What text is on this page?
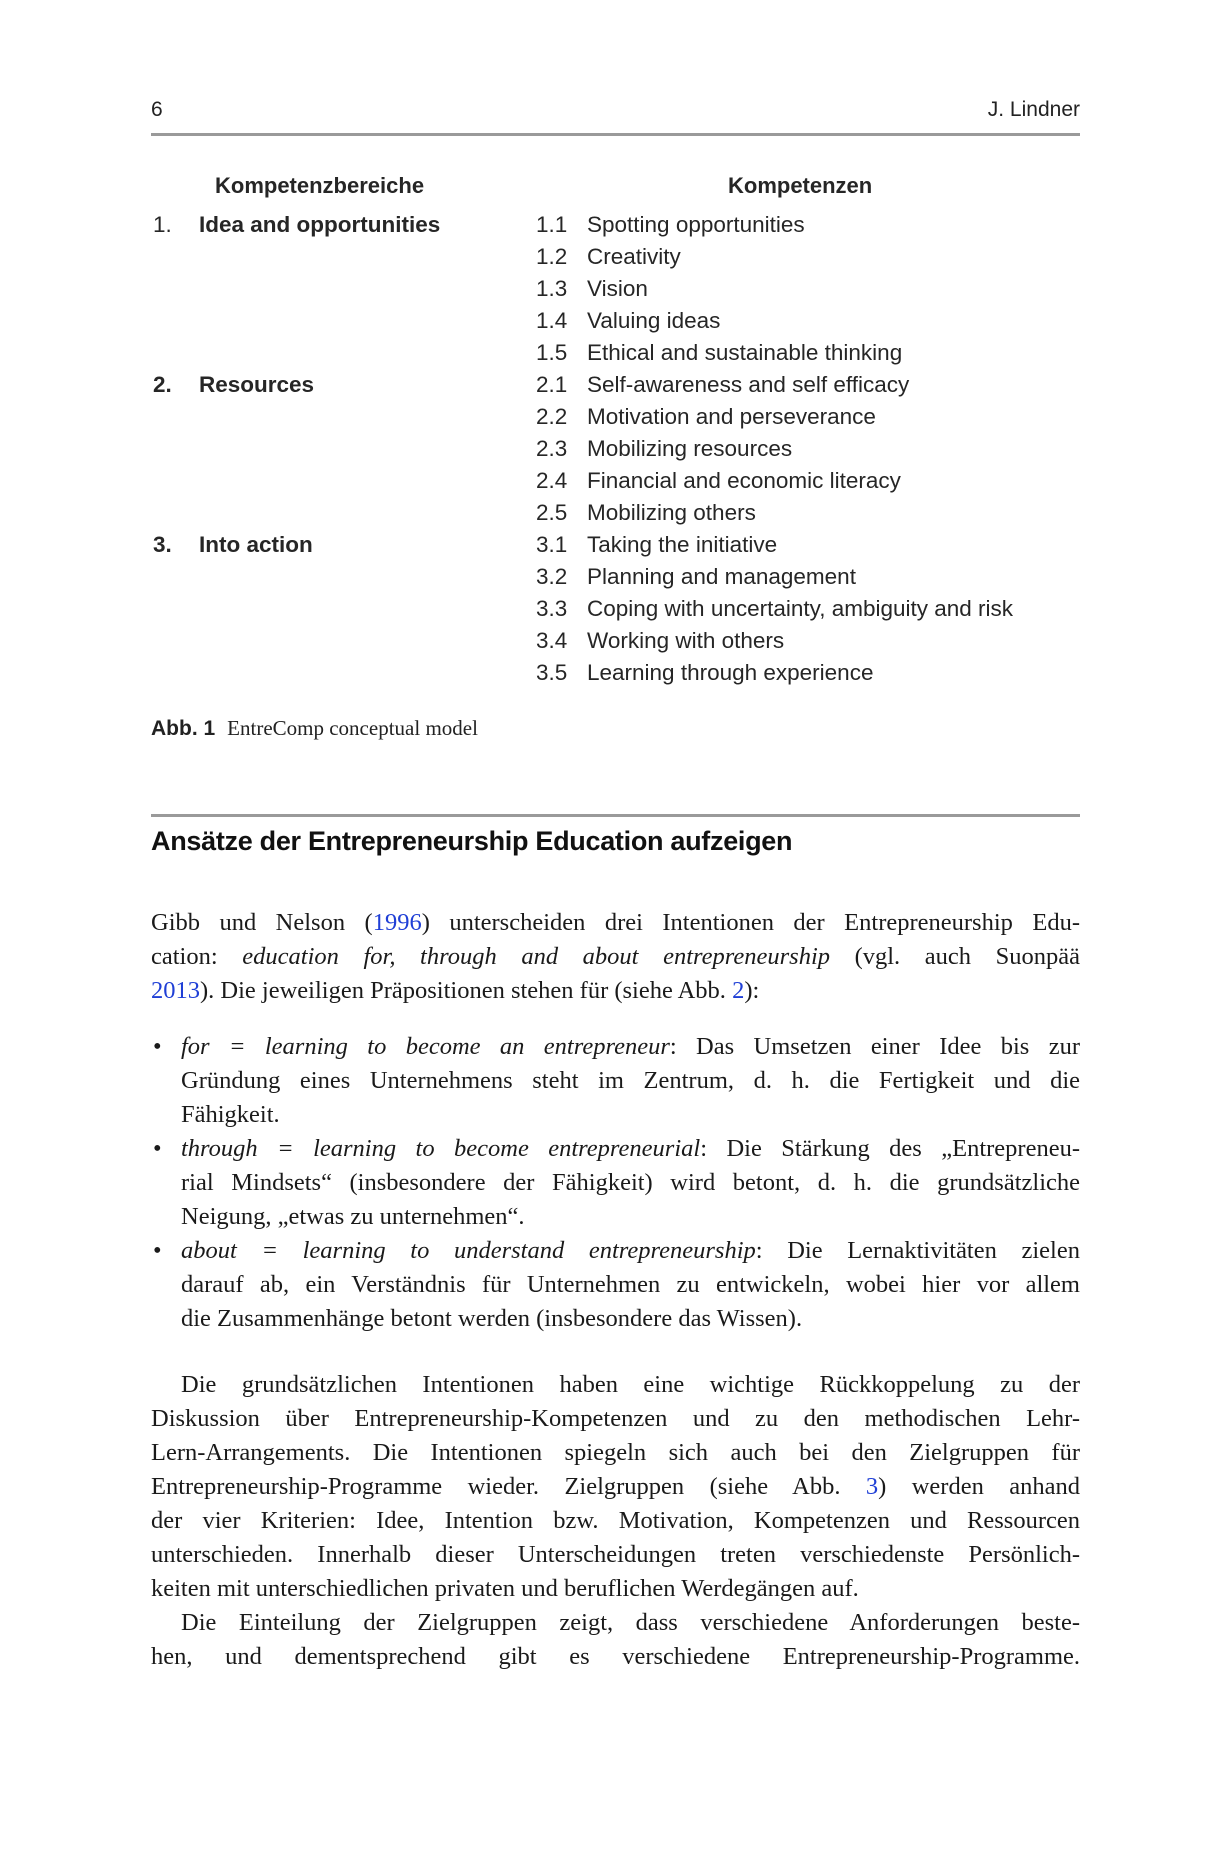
6	J. Lindner
Kompetenzbereiche	Kompetenzen
1. Idea and opportunities	1.1 Spotting opportunities
1.2 Creativity
1.3 Vision
1.4 Valuing ideas
1.5 Ethical and sustainable thinking
2. Resources	2.1 Self-awareness and self efficacy
2.2 Motivation and perseverance
2.3 Mobilizing resources
2.4 Financial and economic literacy
2.5 Mobilizing others
3. Into action	3.1 Taking the initiative
3.2 Planning and management
3.3 Coping with uncertainty, ambiguity and risk
3.4 Working with others
3.5 Learning through experience
Abb. 1 EntreComp conceptual model
Ansätze der Entrepreneurship Education aufzeigen
Gibb und Nelson (1996) unterscheiden drei Intentionen der Entrepreneurship Edu-
cation: education for, through and about entrepreneurship (vgl. auch Suonpää
2013). Die jeweiligen Präpositionen stehen für (siehe Abb. 2):
• for = learning to become an entrepreneur: Das Umsetzen einer Idee bis zur
Gründung eines Unternehmens steht im Zentrum, d. h. die Fertigkeit und die
Fähigkeit.
• through = learning to become entrepreneurial: Die Stärkung des „Entrepreneu-
rial Mindsets“ (insbesondere der Fähigkeit) wird betont, d. h. die grundsätzliche
Neigung, „etwas zu unternehmen“.
• about = learning to understand entrepreneurship: Die Lernaktivitäten zielen
darauf ab, ein Verständnis für Unternehmen zu entwickeln, wobei hier vor allem
die Zusammenhänge betont werden (insbesondere das Wissen).
Die grundsätzlichen Intentionen haben eine wichtige Rückkoppelung zu der
Diskussion über Entrepreneurship-Kompetenzen und zu den methodischen Lehr-
Lern-Arrangements. Die Intentionen spiegeln sich auch bei den Zielgruppen für
Entrepreneurship-Programme wieder. Zielgruppen (siehe Abb. 3) werden anhand
der vier Kriterien: Idee, Intention bzw. Motivation, Kompetenzen und Ressourcen
unterschieden. Innerhalb dieser Unterscheidungen treten verschiedenste Persönlich-
keiten mit unterschiedlichen privaten und beruflichen Werdegängen auf.
Die Einteilung der Zielgruppen zeigt, dass verschiedene Anforderungen beste-
hen, und dementsprechend gibt es verschiedene Entrepreneurship-Programme.
